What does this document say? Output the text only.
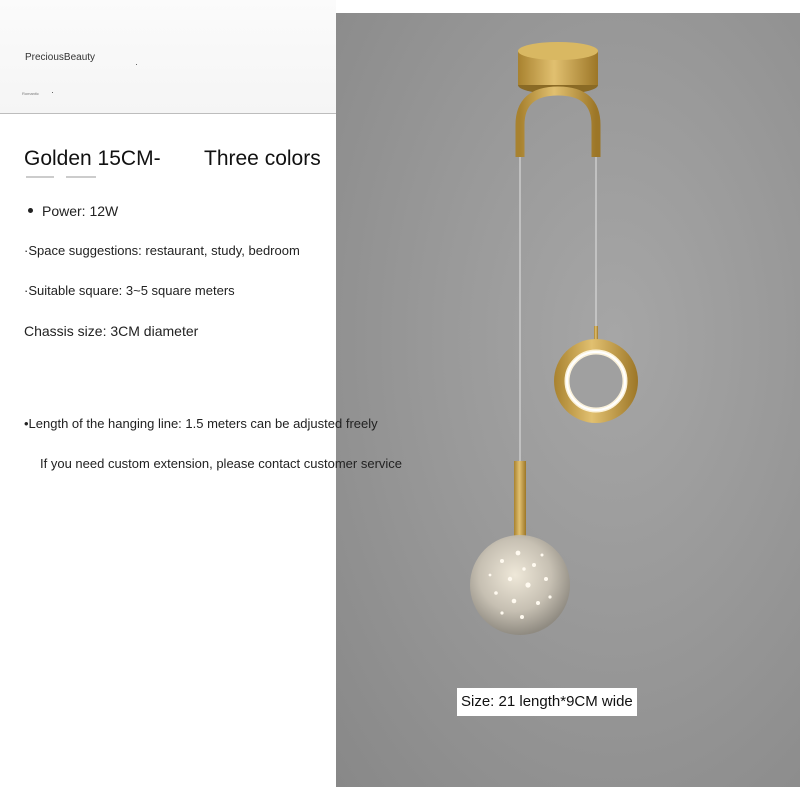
PreciousBeauty
Romantic
Golden 15CM- Three colors
Power: 12W
·Space suggestions: restaurant, study, bedroom
·Suitable square: 3~5 square meters
Chassis size: 3CM diameter
•Length of the hanging line: 1.5 meters can be adjusted freely
If you need custom extension, please contact customer service
Size: 21 length*9CM wide
